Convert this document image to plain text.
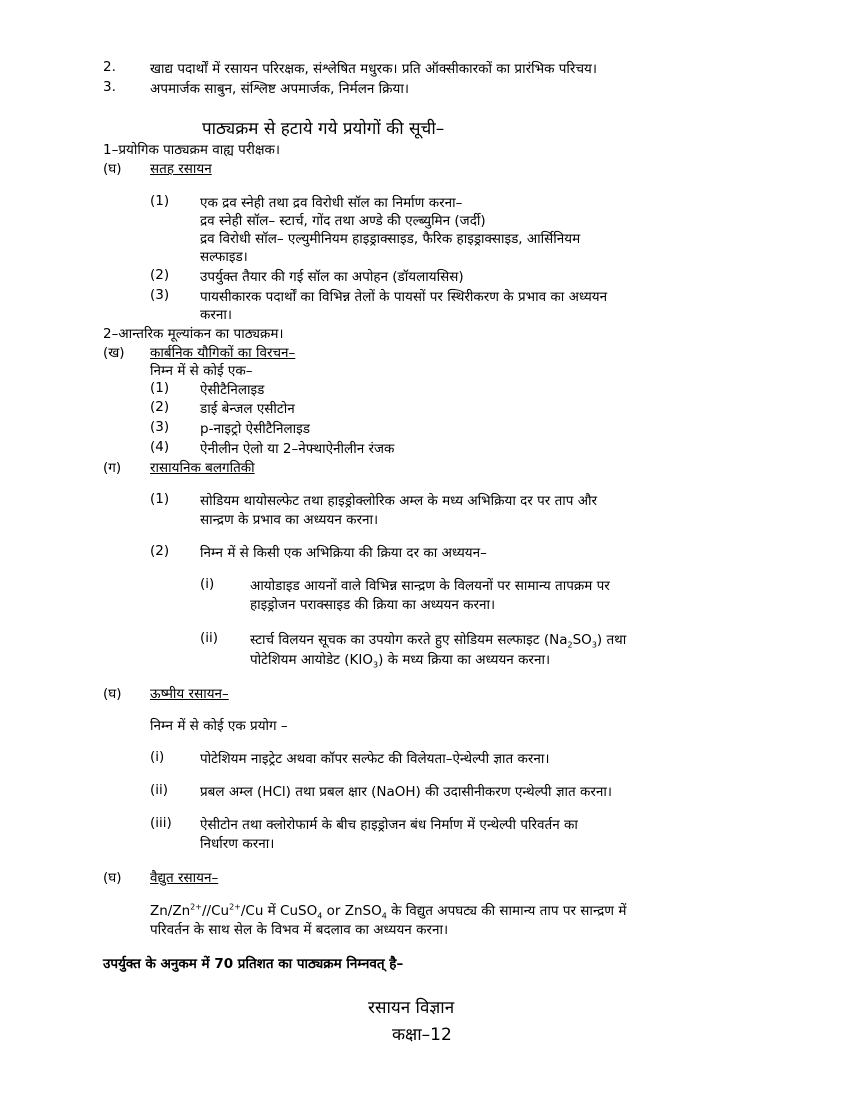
2.	खाद्य पदार्थों में रसायन परिरक्षक, संश्लेषित मधुरक। प्रति ऑक्सीकारकों का प्रारंभिक परिचय।
3.	अपमार्जक साबुन, संश्लिष्ट अपमार्जक, निर्मलन क्रिया।
पाठ्यक्रम से हटाये गये प्रयोगों की सूची–
1–प्रयोगिक पाठ्यक्रम वाह्य परीक्षक।
(घ) सतह रसायन
(1) एक द्रव स्नेही तथा द्रव विरोधी सॉल का निर्माण करना–
द्रव स्नेही सॉल– स्टार्च, गोंद तथा अण्डे की एल्ब्युमिन (जर्दी)
द्रव विरोधी सॉल– एल्युमीनियम हाइड्राक्साइड, फैरिक हाइड्राक्साइड, आर्सिनियम
सल्फाइड।
(2) उपर्युक्त तैयार की गई सॉल का अपोहन (डॉयलायसिस)
(3) पायसीकारक पदार्थों का विभिन्न तेलों के पायसों पर स्थिरीकरण के प्रभाव का अध्ययन
करना।
2–आन्तरिक मूल्यांकन का पाठ्यक्रम।
(ख) कार्बनिक यौगिकों का विरचन–
निम्न में से कोई एक–
(1) ऐसीटैनिलाइड
(2) डाई बेन्जल एसीटोन
(3) p-नाइट्रो ऐसीटैनिलाइड
(4) ऐनीलीन ऐलो या 2–नेफ्थाऐनीलीन रंजक
(ग) रासायनिक बलगतिकी
(1) सोडियम थायोसल्फेट तथा हाइड्रोक्लोरिक अम्ल के मध्य अभिक्रिया दर पर ताप और
सान्द्रण के प्रभाव का अध्ययन करना।
(2) निम्न में से किसी एक अभिक्रिया की क्रिया दर का अध्ययन–
(i)	आयोडाइड आयनों वाले विभिन्न सान्द्रण के विलयनों पर सामान्य तापक्रम पर
हाइड्रोजन पराक्साइड की क्रिया का अध्ययन करना।
(ii) स्टार्च विलयन सूचक का उपयोग करते हुए सोडियम सल्फाइट $(Na_2SO_3)$ तथा
पोटेशियम आयोडेट $(KIO_3)$ के मध्य क्रिया का अध्ययन करना।
(घ) ऊष्मीय रसायन–
निम्न में से कोई एक प्रयोग –
(i)	पोटेशियम नाइट्रेट अथवा कॉपर सल्फेट की विलेयता–ऐन्थेल्पी ज्ञात करना।
(ii) प्रबल अम्ल (HCl) तथा प्रबल क्षार (NaOH) की उदासीनीकरण एन्थेल्पी ज्ञात करना।
(iii) ऐसीटोन तथा क्लोरोफार्म के बीच हाइड्रोजन बंध निर्माण में एन्थेल्पी परिवर्तन का
निर्धारण करना।
(घ) वैद्युत रसायन–
$Zn/Zn^{2+}//Cu^{2+}/Cu$ में CuSO$_4$ or ZnSO$_4$ के विद्युत अपघट्य की सामान्य ताप पर सान्द्रण में
परिवर्तन के साथ सेल के विभव में बदलाव का अध्ययन करना।
उपर्युक्त के अनुकम में 70 प्रतिशत का पाठ्यक्रम निम्नवत् है–
रसायन विज्ञान
कक्षा–12
